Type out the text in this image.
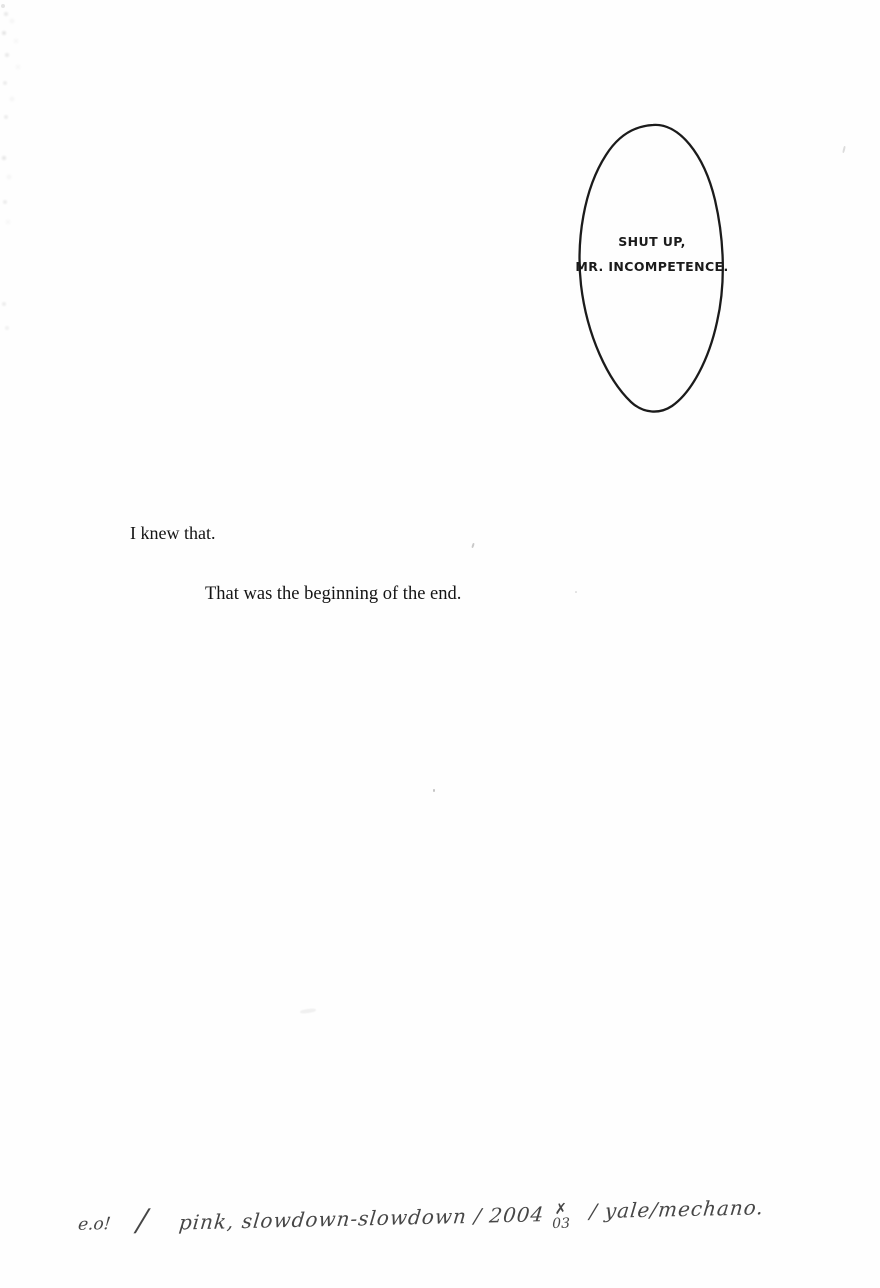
SHUT UP,
MR. INCOMPETENCE.
I knew that.
That was the beginning of the end.
e.o! / pink, slowdown-slowdown / 2004 ✗
03
/ yale/mechano.
